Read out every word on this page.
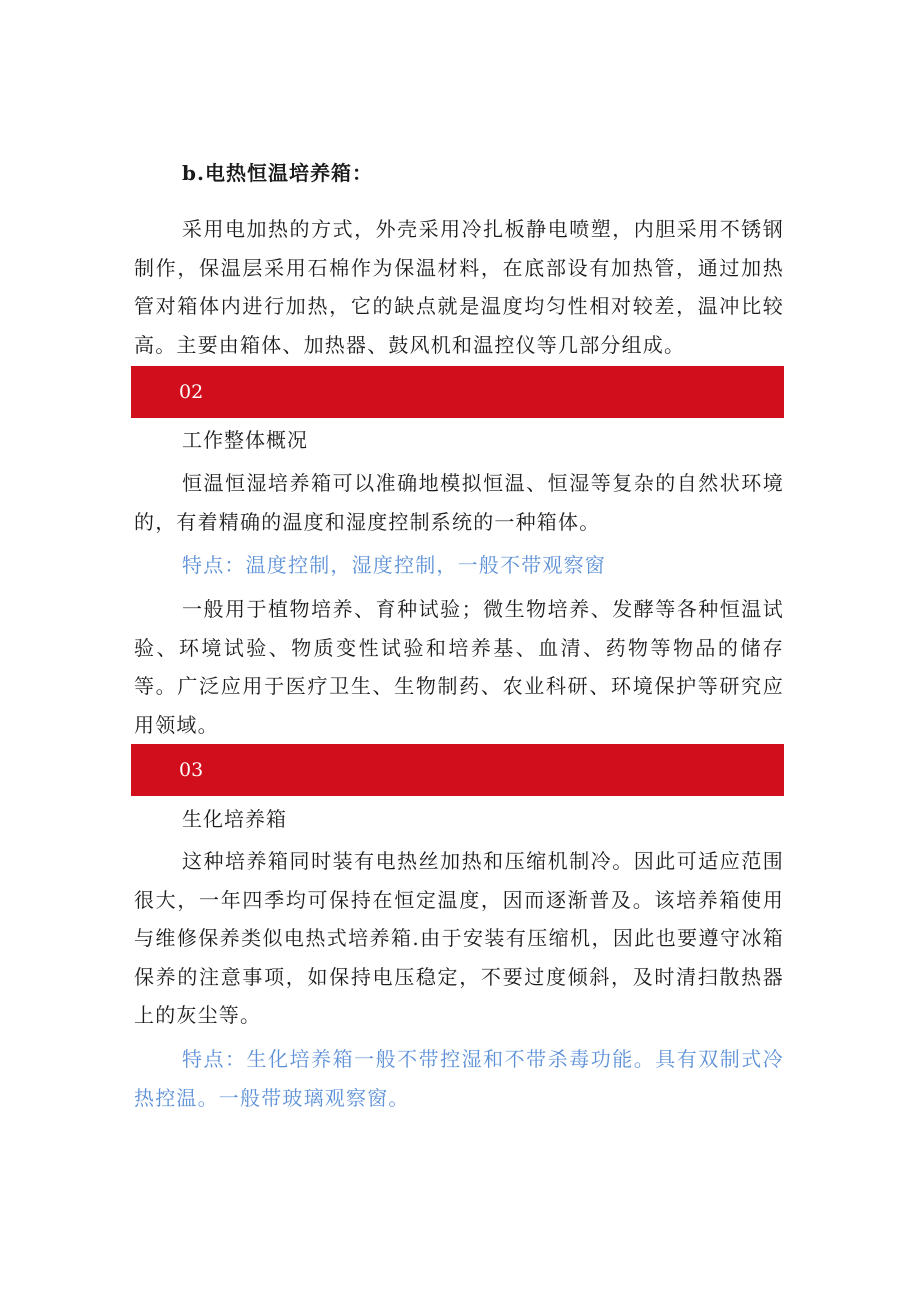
b.电热恒温培养箱：

采用电加热的方式，外壳采用冷扎板静电喷塑，内胆采用不锈钢制作，保温层采用石棉作为保温材料，在底部设有加热管，通过加热管对箱体内进行加热，它的缺点就是温度均匀性相对较差，温冲比较高。主要由箱体、加热器、鼓风机和温控仪等几部分组成。

02
工作整体概况

恒温恒湿培养箱可以准确地模拟恒温、恒湿等复杂的自然状环境的，有着精确的温度和湿度控制系统的一种箱体。

特点：温度控制，湿度控制，一般不带观察窗

一般用于植物培养、育种试验；微生物培养、发酵等各种恒温试验、环境试验、物质变性试验和培养基、血清、药物等物品的储存等。广泛应用于医疗卫生、生物制药、农业科研、环境保护等研究应用领域。

03
生化培养箱

这种培养箱同时装有电热丝加热和压缩机制冷。因此可适应范围很大，一年四季均可保持在恒定温度，因而逐渐普及。该培养箱使用与维修保养类似电热式培养箱.由于安装有压缩机，因此也要遵守冰箱保养的注意事项，如保持电压稳定，不要过度倾斜，及时清扫散热器上的灰尘等。

特点：生化培养箱一般不带控湿和不带杀毒功能。具有双制式冷热控温。一般带玻璃观察窗。
